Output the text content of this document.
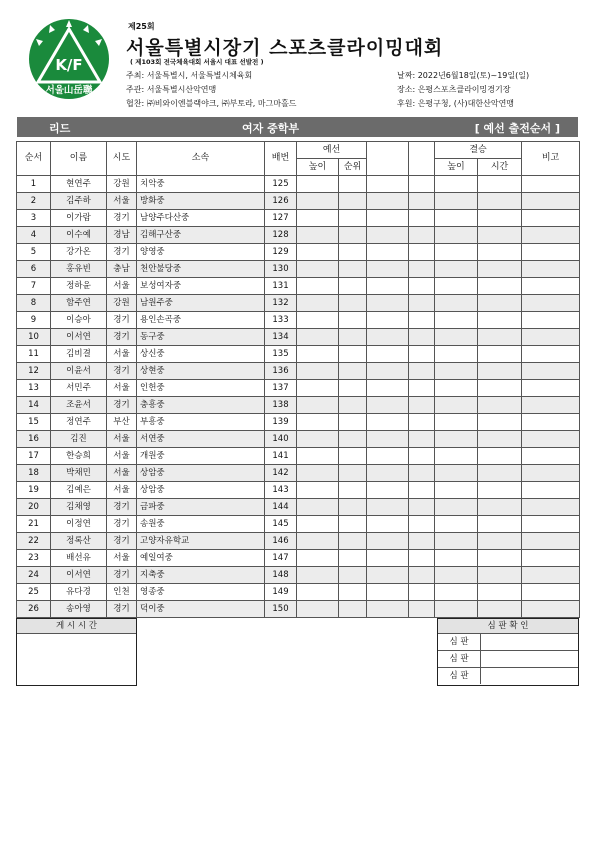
K/F
서울山岳聯
제25회
서울특별시장기 스포츠클라이밍대회
( 제103회 전국체육대회 서울시 대표 선발전 )
주최: 서울특별시, 서울특별시체육회
주관: 서울특별시산악연맹
협찬: ㈜비와이엔블랙야크, ㈜부토라, 마그마홀드
날짜: 2022년6월18일(토)~19일(일)
장소: 은평스포츠클라이밍경기장
후원: 은평구청, (사)대한산악연맹
리드	여자 중학부	[ 예선 출전순서 ]
순서	이름	시도	소속	배번	예선				결승		비고
					높이	순위			높이	시간	
1	현연주	강원	치악중	125							
2	김주하	서울	방화중	126							
3	이가람	경기	남양주다산중	127							
4	이수예	경남	김해구산중	128							
5	강가온	경기	양영중	129							
6	홍유빈	충남	천안불당중	130							
7	정하윤	서울	보성여자중	131							
8	함주연	강원	남원주중	132							
9	이승아	경기	용인손곡중	133							
10	이서연	경기	동구중	134							
11	김비결	서울	상신중	135							
12	이윤서	경기	상현중	136							
13	서민주	서울	인헌중	137							
14	조윤서	경기	충흥중	138							
15	정연주	부산	부흥중	139							
16	김진	서울	서연중	140							
17	한승희	서울	개원중	141							
18	박채민	서울	상암중	142							
19	김예은	서울	상암중	143							
20	김채영	경기	금파중	144							
21	이정연	경기	송원중	145							
22	정록산	경기	고양자유학교	146							
23	배선유	서울	예일여중	147							
24	이서연	경기	지축중	148							
25	유다경	인천	영종중	149							
26	송아영	경기	덕이중	150							
게 시 시 간	심 판 확 인
심 판	
심 판	
심 판	
